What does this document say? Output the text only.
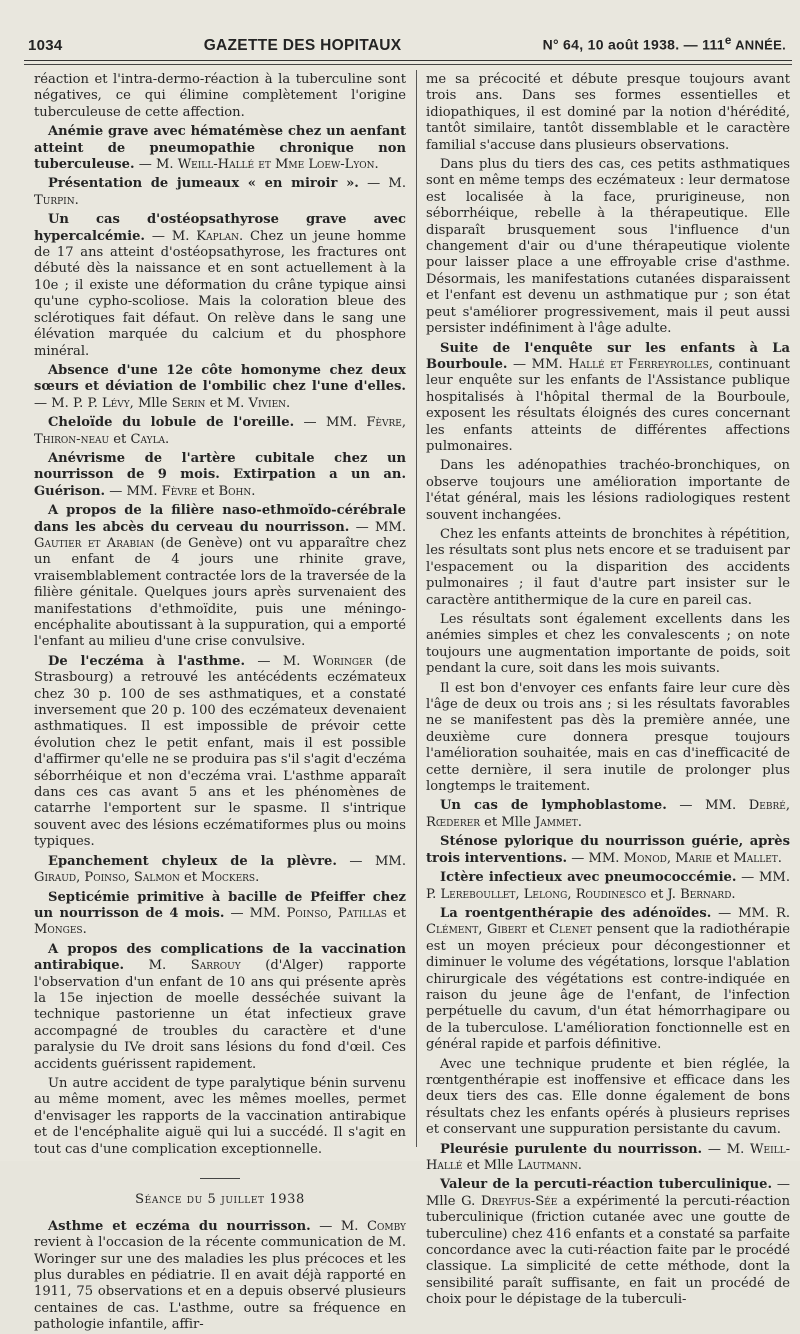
1034	GAZETTE DES HOPITAUX	N° 64, 10 août 1938. — 111e ANNÉE.

réaction et l'intra-dermo-réaction à la tuberculine sont négatives, ce qui élimine complètement l'origine tuberculeuse de cette affection.

Anémie grave avec hématémèse chez un aenfant atteint de pneumopathie chronique non tuberculeuse. — M. Weill-Hallé et Mme Loew-Lyon.

Présentation de jumeaux « en miroir ». — M. Turpin.

Un cas d'ostéopsathyrose grave avec hypercalcémie. — M. Kaplan. Chez un jeune homme de 17 ans atteint d'ostéopsathyrose, les fractures ont débuté dès la naissance et en sont actuellement à la 10e ; il existe une déformation du crâne typique ainsi qu'une cypho-scoliose. Mais la coloration bleue des sclérotiques fait défaut. On relève dans le sang une élévation marquée du calcium et du phosphore minéral.

Absence d'une 12e côte homonyme chez deux sœurs et déviation de l'ombilic chez l'une d'elles. — M. P. P. Lévy, Mlle Serin et M. Vivien.

Cheloïde du lobule de l'oreille. — MM. Fèvre, Thiron-neau et Cayla.

Anévrisme de l'artère cubitale chez un nourrisson de 9 mois. Extirpation a un an. Guérison. — MM. Fèvre et Bohn.

A propos de la filière naso-ethmoïdo-cérébrale dans les abcès du cerveau du nourrisson. — MM. Gautier et Arabian (de Genève) ont vu apparaître chez un enfant de 4 jours une rhinite grave, vraisemblablement contractée lors de la traversée de la filière génitale. Quelques jours après survenaient des manifestations d'ethmoïdite, puis une méningo-encéphalite aboutissant à la suppuration, qui a emporté l'enfant au milieu d'une crise convulsive.

De l'eczéma à l'asthme. — M. Woringer (de Strasbourg) a retrouvé les antécédents eczémateux chez 30 p. 100 de ses asthmatiques, et a constaté inversement que 20 p. 100 des eczémateux devenaient asthmatiques. Il est impossible de prévoir cette évolution chez le petit enfant, mais il est possible d'affirmer qu'elle ne se produira pas s'il s'agit d'eczéma séborrhéique et non d'eczéma vrai. L'asthme apparaît dans ces cas avant 5 ans et les phénomènes de catarrhe l'emportent sur le spasme. Il s'intrique souvent avec des lésions eczématiformes plus ou moins typiques.

Epanchement chyleux de la plèvre. — MM. Giraud, Poinso, Salmon et Mockers.

Septicémie primitive à bacille de Pfeiffer chez un nourrisson de 4 mois. — MM. Poinso, Patillas et Monges.

A propos des complications de la vaccination antirabique. M. Sarrouy (d'Alger) rapporte l'observation d'un enfant de 10 ans qui présente après la 15e injection de moelle desséchée suivant la technique pastorienne un état infectieux grave accompagné de troubles du caractère et d'une paralysie du IVe droit sans lésions du fond d'œil. Ces accidents guérissent rapidement.

Un autre accident de type paralytique bénin survenu au même moment, avec les mêmes moelles, permet d'envisager les rapports de la vaccination antirabique et de l'encéphalite aiguë qui lui a succédé. Il s'agit en tout cas d'une complication exceptionnelle.

Séance du 5 juillet 1938

Asthme et eczéma du nourrisson. — M. Comby revient à l'occasion de la récente communication de M. Woringer sur une des maladies les plus précoces et les plus durables en pédiatrie. Il en avait déjà rapporté en 1911, 75 observations et en a depuis observé plusieurs centaines de cas. L'asthme, outre sa fréquence en pathologie infantile, affir-

me sa précocité et débute presque toujours avant trois ans. Dans ses formes essentielles et idiopathiques, il est dominé par la notion d'hérédité, tantôt similaire, tantôt dissemblable et le caractère familial s'accuse dans plusieurs observations.

Dans plus du tiers des cas, ces petits asthmatiques sont en même temps des eczémateux : leur dermatose est localisée à la face, prurigineuse, non séborrhéique, rebelle à la thérapeutique. Elle disparaît brusquement sous l'influence d'un changement d'air ou d'une thérapeutique violente pour laisser place a une effroyable crise d'asthme. Désormais, les manifestations cutanées disparaissent et l'enfant est devenu un asthmatique pur ; son état peut s'améliorer progressivement, mais il peut aussi persister indéfiniment à l'âge adulte.

Suite de l'enquête sur les enfants à La Bourboule. — MM. Hallé et Ferreyrolles, continuant leur enquête sur les enfants de l'Assistance publique hospitalisés à l'hôpital thermal de la Bourboule, exposent les résultats éloignés des cures concernant les enfants atteints de différentes affections pulmonaires.

Dans les adénopathies trachéo-bronchiques, on observe toujours une amélioration importante de l'état général, mais les lésions radiologiques restent souvent inchangées.

Chez les enfants atteints de bronchites à répétition, les résultats sont plus nets encore et se traduisent par l'espacement ou la disparition des accidents pulmonaires ; il faut d'autre part insister sur le caractère antithermique de la cure en pareil cas.

Les résultats sont également excellents dans les anémies simples et chez les convalescents ; on note toujours une augmentation importante de poids, soit pendant la cure, soit dans les mois suivants.

Il est bon d'envoyer ces enfants faire leur cure dès l'âge de deux ou trois ans ; si les résultats favorables ne se manifestent pas dès la première année, une deuxième cure donnera presque toujours l'amélioration souhaitée, mais en cas d'inefficacité de cette dernière, il sera inutile de prolonger plus longtemps le traitement.

Un cas de lymphoblastome. — MM. Debré, Rœderer et Mlle Jammet.

Sténose pylorique du nourrisson guérie, après trois interventions. — MM. Monod, Marie et Mallet.

Ictère infectieux avec pneumococcémie. — MM. P. Lereboullet, Lelong, Roudinesco et J. Bernard.

La roentgenthérapie des adénoïdes. — MM. R. Clément, Gibert et Clenet pensent que la radiothérapie est un moyen précieux pour décongestionner et diminuer le volume des végétations, lorsque l'ablation chirurgicale des végétations est contre-indiquée en raison du jeune âge de l'enfant, de l'infection perpétuelle du cavum, d'un état hémorrhagipare ou de la tuberculose. L'amélioration fonctionnelle est en général rapide et parfois définitive.

Avec une technique prudente et bien réglée, la rœntgenthérapie est inoffensive et efficace dans les deux tiers des cas. Elle donne également de bons résultats chez les enfants opérés à plusieurs reprises et conservant une suppuration persistante du cavum.

Pleurésie purulente du nourrisson. — M. Weill-Hallé et Mlle Lautmann.

Valeur de la percuti-réaction tuberculinique. — Mlle G. Dreyfus-Sée a expérimenté la percuti-réaction tuberculinique (friction cutanée avec une goutte de tuberculine) chez 416 enfants et a constaté sa parfaite concordance avec la cuti-réaction faite par le procédé classique. La simplicité de cette méthode, dont la sensibilité paraît suffisante, en fait un procédé de choix pour le dépistage de la tuberculi-
